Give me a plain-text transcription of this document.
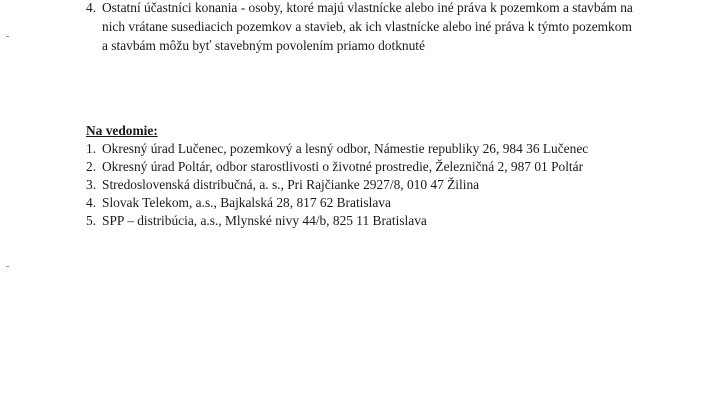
4. Ostatní účastníci konania - osoby, ktoré majú vlastnícke alebo iné práva k pozemkom a stavbám na
nich vrátane susediacich pozemkov a stavieb, ak ich vlastnícke alebo iné práva k týmto pozemkom
a stavbám môžu byť stavebným povolením priamo dotknuté
Na vedomie:
1. Okresný úrad Lučenec, pozemkový a lesný odbor, Námestie republiky 26, 984 36 Lučenec
2. Okresný úrad Poltár, odbor starostlivosti o životné prostredie, Železničná 2, 987 01 Poltár
3. Stredoslovenská distribučná, a. s., Pri Rajčianke 2927/8, 010 47 Žilina
4. Slovak Telekom, a.s., Bajkalská 28, 817 62 Bratislava
5. SPP – distribúcia, a.s., Mlynské nivy 44/b, 825 11 Bratislava
